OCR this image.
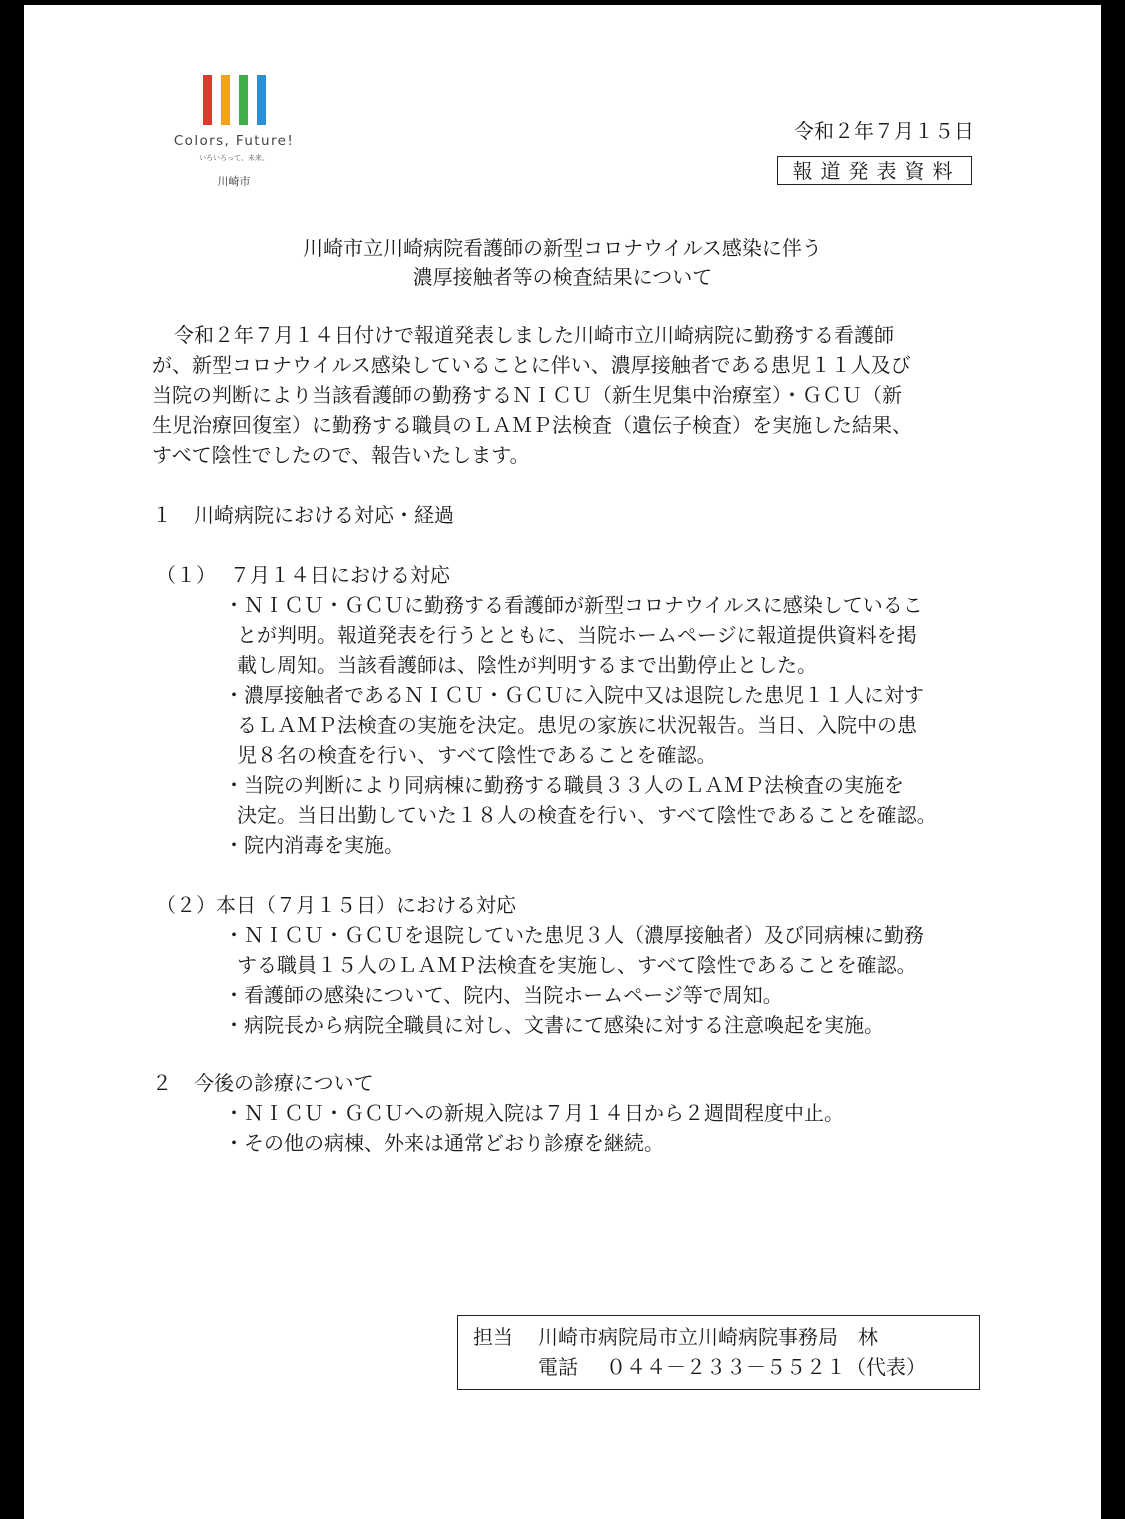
Colors, Future!
いろいろって、未来。
川崎市
令和２年７月１５日
報道発表資料
川崎市立川崎病院看護師の新型コロナウイルス感染に伴う
濃厚接触者等の検査結果について
令和２年７月１４日付けで報道発表しました川崎市立川崎病院に勤務する看護師
が、新型コロナウイルス感染していることに伴い、濃厚接触者である患児１１人及び
当院の判断により当該看護師の勤務するＮＩＣＵ（新生児集中治療室）・ＧＣＵ（新
生児治療回復室）に勤務する職員のＬＡＭＰ法検査（遺伝子検査）を実施した結果、
すべて陰性でしたので、報告いたします。
１ 川崎病院における対応・経過
（１） ７月１４日における対応
・ＮＩＣＵ・ＧＣＵに勤務する看護師が新型コロナウイルスに感染しているこ
とが判明。報道発表を行うとともに、当院ホームページに報道提供資料を掲
載し周知。当該看護師は、陰性が判明するまで出勤停止とした。
・濃厚接触者であるＮＩＣＵ・ＧＣＵに入院中又は退院した患児１１人に対す
るＬＡＭＰ法検査の実施を決定。患児の家族に状況報告。当日、入院中の患
児８名の検査を行い、すべて陰性であることを確認。
・当院の判断により同病棟に勤務する職員３３人のＬＡＭＰ法検査の実施を
決定。当日出勤していた１８人の検査を行い、すべて陰性であることを確認。
・院内消毒を実施。
（２） 本日（７月１５日）における対応
・ＮＩＣＵ・ＧＣＵを退院していた患児３人（濃厚接触者）及び同病棟に勤務
する職員１５人のＬＡＭＰ法検査を実施し、すべて陰性であることを確認。
・看護師の感染について、院内、当院ホームページ等で周知。
・病院長から病院全職員に対し、文書にて感染に対する注意喚起を実施。
２ 今後の診療について
・ＮＩＣＵ・ＧＣＵへの新規入院は７月１４日から２週間程度中止。
・その他の病棟、外来は通常どおり診療を継続。
担当 川崎市病院局市立川崎病院事務局　林
電話 ０４４－２３３－５５２１（代表）
